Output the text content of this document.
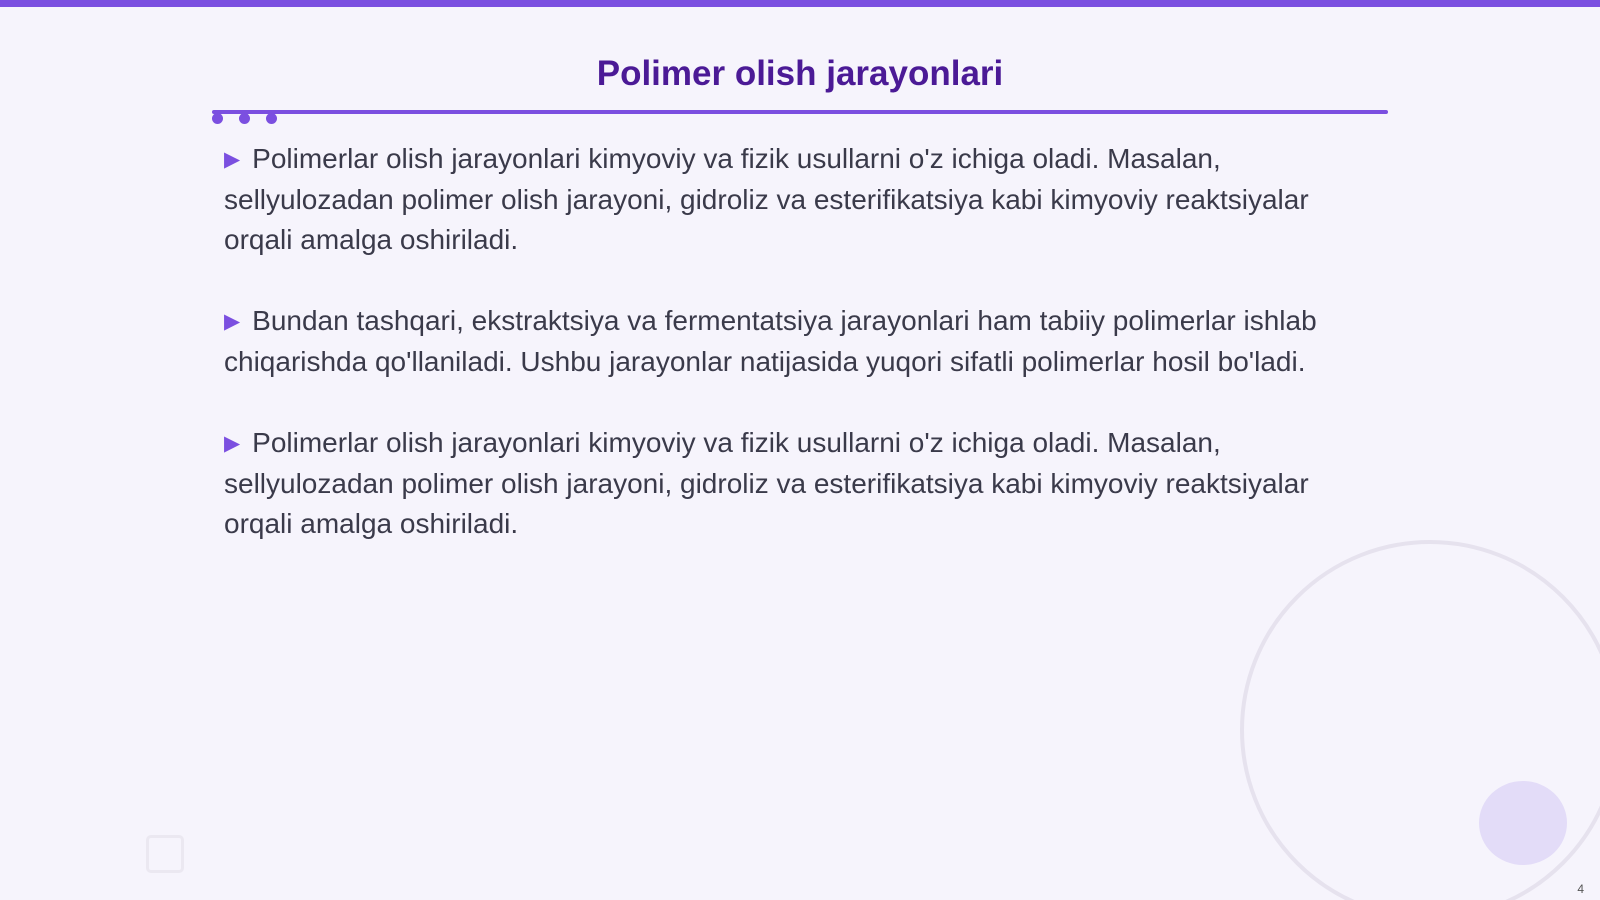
Polimer olish jarayonlari

▶ Polimerlar olish jarayonlari kimyoviy va fizik usullarni o'z ichiga oladi. Masalan, sellyulozadan polimer olish jarayoni, gidroliz va esterifikatsiya kabi kimyoviy reaktsiyalar orqali amalga oshiriladi.

▶ Bundan tashqari, ekstraktsiya va fermentatsiya jarayonlari ham tabiiy polimerlar ishlab chiqarishda qo'llaniladi. Ushbu jarayonlar natijasida yuqori sifatli polimerlar hosil bo'ladi.

▶ Polimerlar olish jarayonlari kimyoviy va fizik usullarni o'z ichiga oladi. Masalan, sellyulozadan polimer olish jarayoni, gidroliz va esterifikatsiya kabi kimyoviy reaktsiyalar orqali amalga oshiriladi.

4
